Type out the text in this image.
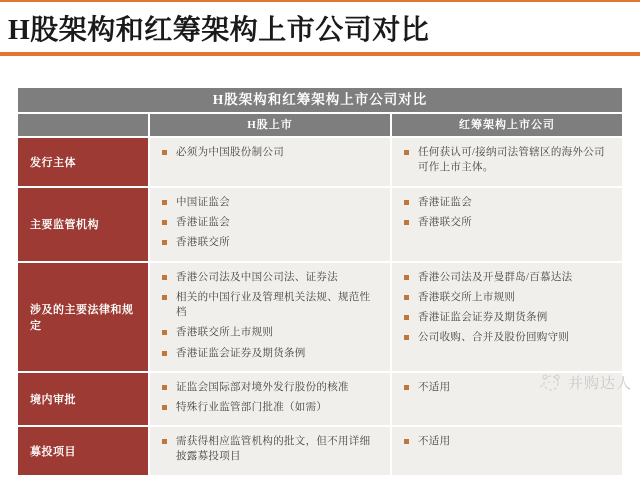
H股架构和红筹架构上市公司对比
H股架构和红筹架构上市公司对比
H股上市	红筹架构上市公司
发行主体
必须为中国股份制公司	任何获认可/接纳司法管辖区的海外公司可作上市主体。
主要监管机构
中国证监会
香港证监会
香港联交所
香港证监会
香港联交所
涉及的主要法律和规定
香港公司法及中国公司法、证券法
相关的中国行业及管理机关法规、规范性档
香港联交所上市规则
香港证监会证券及期货条例
香港公司法及开曼群岛/百慕达法
香港联交所上市规则
香港证监会证券及期货条例
公司收购、合并及股份回购守则
境内审批
证监会国际部对境外发行股份的核准
特殊行业监管部门批准（如需）
不适用
募投项目
需获得相应监管机构的批文，但不用详细披露募投项目
不适用
并购达人
